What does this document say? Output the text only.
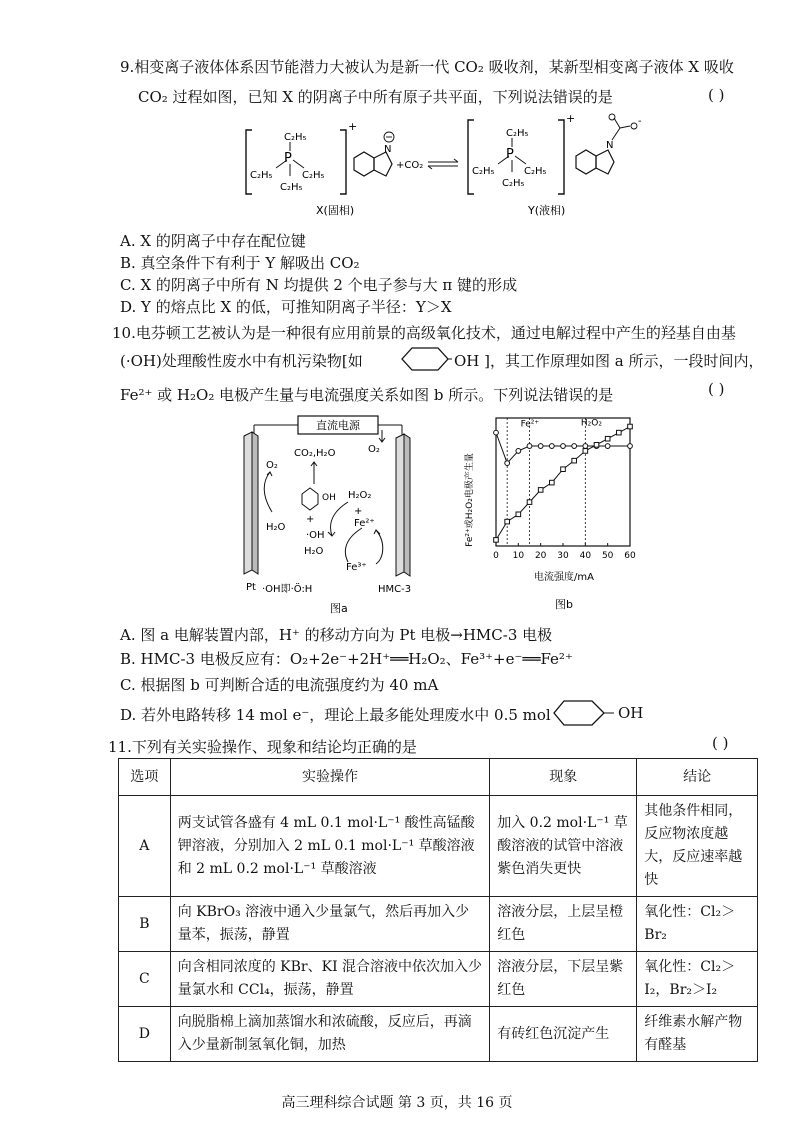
9.相变离子液体体系因节能潜力大被认为是新一代 CO₂ 吸收剂，某新型相变离子液体 X 吸收
CO₂ 过程如图，已知 X 的阴离子中所有原子共平面，下列说法错误的是	( )
+
P
C₂H₅
C₂H₅
C₂H₅
C₂H₅
N
+CO₂
+
P
C₂H₅
C₂H₅
C₂H₅
C₂H₅
N
-
X(固相)	Y(液相)
A. X 的阴离子中存在配位键
B. 真空条件下有利于 Y 解吸出 CO₂
C. X 的阴离子中所有 N 均提供 2 个电子参与大 π 键的形成
D. Y 的熔点比 X 的低，可推知阴离子半径：Y＞X
10.电芬顿工艺被认为是一种很有应用前景的高级氧化技术，通过电解过程中产生的羟基自由基
(·OH)处理酸性废水中有机污染物[如	OH ]，其工作原理如图 a 所示，一段时间内，
Fe²⁺ 或 H₂O₂ 电极产生量与电流强度关系如图 b 所示。下列说法错误的是	( )
直流电源
O₂
H₂O
CO₂,H₂O
OH
+
O₂
H₂O₂
+
Fe²⁺
·OH
H₂O
Fe³⁺
Pt	HMC-3
·OH即·Ö:H
图a
0 10 20 30 40 50 60
Fe²⁺	H₂O₂
Fe²⁺或H₂O₂电极产生量
电流强度/mA
图b
A. 图 a 电解装置内部，H⁺ 的移动方向为 Pt 电极→HMC-3 电极
B. HMC-3 电极反应有：O₂+2e⁻+2H⁺══H₂O₂、Fe³⁺+e⁻══Fe²⁺
C. 根据图 b 可判断合适的电流强度约为 40 mA
D. 若外电路转移 14 mol e⁻，理论上最多能处理废水中 0.5 mol	OH
11.下列有关实验操作、现象和结论均正确的是	( )
选项	实验操作	现象	结论
A	两支试管各盛有 4 mL 0.1 mol·L⁻¹ 酸性高锰酸钾溶液，分别加入 2 mL 0.1 mol·L⁻¹ 草酸溶液和 2 mL 0.2 mol·L⁻¹ 草酸溶液	加入 0.2 mol·L⁻¹ 草酸溶液的试管中溶液紫色消失更快	其他条件相同，反应物浓度越大，反应速率越快
B	向 KBrO₃ 溶液中通入少量氯气，然后再加入少量苯，振荡，静置	溶液分层，上层呈橙红色	氧化性：Cl₂＞Br₂
C	向含相同浓度的 KBr、KI 混合溶液中依次加入少量氯水和 CCl₄，振荡，静置	溶液分层，下层呈紫红色	氧化性：Cl₂＞I₂，Br₂＞I₂
D	向脱脂棉上滴加蒸馏水和浓硫酸，反应后，再滴入少量新制氢氧化铜，加热	有砖红色沉淀产生	纤维素水解产物有醛基
高三理科综合试题 第 3 页，共 16 页
